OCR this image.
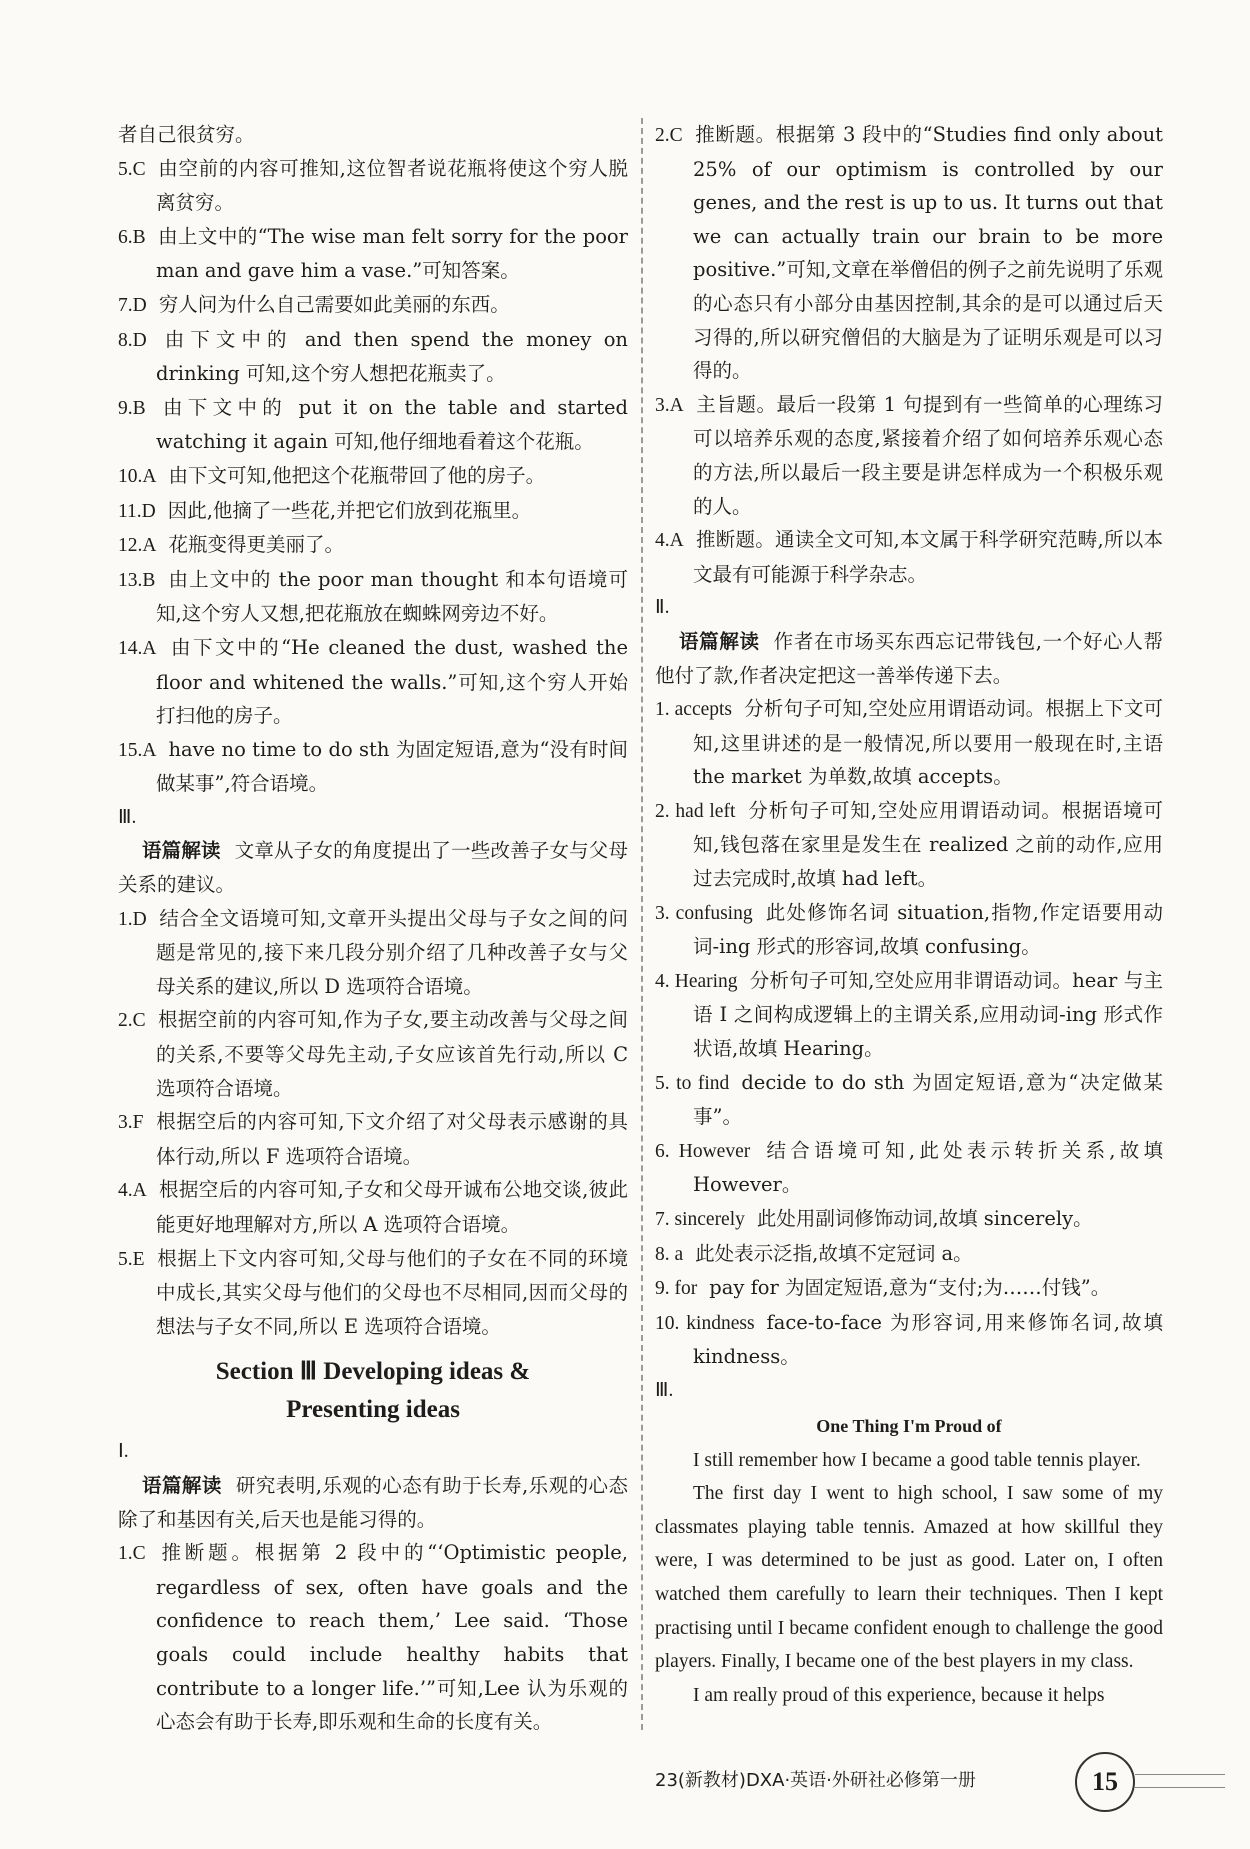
者自己很贫穷。

5.C 由空前的内容可推知,这位智者说花瓶将使这个穷人脱离贫穷。

6.B 由上文中的“The wise man felt sorry for the poor man and gave him a vase.”可知答案。

7.D 穷人问为什么自己需要如此美丽的东西。

8.D 由下文中的 and then spend the money on drinking 可知,这个穷人想把花瓶卖了。

9.B 由下文中的 put it on the table and started watching it again 可知,他仔细地看着这个花瓶。

10.A 由下文可知,他把这个花瓶带回了他的房子。

11.D 因此,他摘了一些花,并把它们放到花瓶里。

12.A 花瓶变得更美丽了。

13.B 由上文中的 the poor man thought 和本句语境可知,这个穷人又想,把花瓶放在蜘蛛网旁边不好。

14.A 由下文中的“He cleaned the dust, washed the floor and whitened the walls.”可知,这个穷人开始打扫他的房子。

15.A have no time to do sth 为固定短语,意为“没有时间做某事”,符合语境。

Ⅲ.

语篇解读 文章从子女的角度提出了一些改善子女与父母关系的建议。

1.D 结合全文语境可知,文章开头提出父母与子女之间的问题是常见的,接下来几段分别介绍了几种改善子女与父母关系的建议,所以 D 选项符合语境。

2.C 根据空前的内容可知,作为子女,要主动改善与父母之间的关系,不要等父母先主动,子女应该首先行动,所以 C 选项符合语境。

3.F 根据空后的内容可知,下文介绍了对父母表示感谢的具体行动,所以 F 选项符合语境。

4.A 根据空后的内容可知,子女和父母开诚布公地交谈,彼此能更好地理解对方,所以 A 选项符合语境。

5.E 根据上下文内容可知,父母与他们的子女在不同的环境中成长,其实父母与他们的父母也不尽相同,因而父母的想法与子女不同,所以 E 选项符合语境。

Section Ⅲ Developing ideas &

Presenting ideas

Ⅰ.

语篇解读 研究表明,乐观的心态有助于长寿,乐观的心态除了和基因有关,后天也是能习得的。

1.C 推断题。根据第 2 段中的“‘Optimistic people, regardless of sex, often have goals and the confidence to reach them,’ Lee said. ‘Those goals could include healthy habits that contribute to a longer life.’”可知,Lee 认为乐观的心态会有助于长寿,即乐观和生命的长度有关。

2.C 推断题。根据第 3 段中的“Studies find only about 25% of our optimism is controlled by our genes, and the rest is up to us. It turns out that we can actually train our brain to be more positive.”可知,文章在举僧侣的例子之前先说明了乐观的心态只有小部分由基因控制,其余的是可以通过后天习得的,所以研究僧侣的大脑是为了证明乐观是可以习得的。

3.A 主旨题。最后一段第 1 句提到有一些简单的心理练习可以培养乐观的态度,紧接着介绍了如何培养乐观心态的方法,所以最后一段主要是讲怎样成为一个积极乐观的人。

4.A 推断题。通读全文可知,本文属于科学研究范畴,所以本文最有可能源于科学杂志。

Ⅱ.

语篇解读 作者在市场买东西忘记带钱包,一个好心人帮他付了款,作者决定把这一善举传递下去。

1. accepts 分析句子可知,空处应用谓语动词。根据上下文可知,这里讲述的是一般情况,所以要用一般现在时,主语 the market 为单数,故填 accepts。

2. had left 分析句子可知,空处应用谓语动词。根据语境可知,钱包落在家里是发生在 realized 之前的动作,应用过去完成时,故填 had left。

3. confusing 此处修饰名词 situation,指物,作定语要用动词-ing 形式的形容词,故填 confusing。

4. Hearing 分析句子可知,空处应用非谓语动词。hear 与主语 I 之间构成逻辑上的主谓关系,应用动词-ing 形式作状语,故填 Hearing。

5. to find decide to do sth 为固定短语,意为“决定做某事”。

6. However 结合语境可知,此处表示转折关系,故填 However。

7. sincerely 此处用副词修饰动词,故填 sincerely。

8. a 此处表示泛指,故填不定冠词 a。

9. for pay for 为固定短语,意为“支付;为……付钱”。

10. kindness face-to-face 为形容词,用来修饰名词,故填 kindness。

Ⅲ.

One Thing I'm Proud of

I still remember how I became a good table tennis player.

The first day I went to high school, I saw some of my classmates playing table tennis. Amazed at how skillful they were, I was determined to be just as good. Later on, I often watched them carefully to learn their techniques. Then I kept practising until I became confident enough to challenge the good players. Finally, I became one of the best players in my class.

I am really proud of this experience, because it helps

23(新教材)DXA·英语·外研社必修第一册	15
